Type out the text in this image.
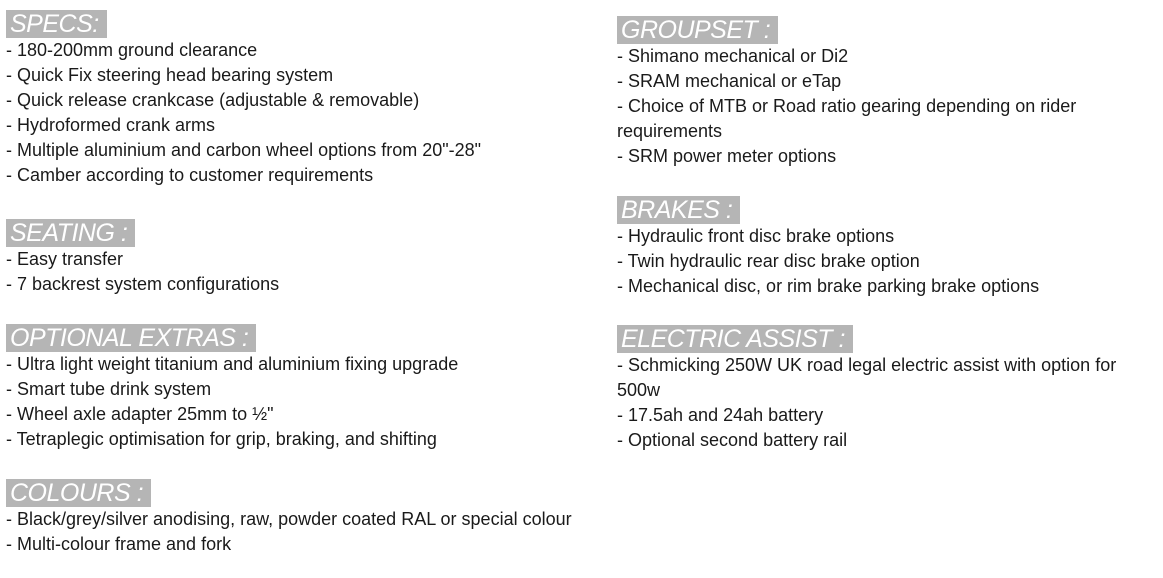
SPECS:
- 180-200mm ground clearance
- Quick Fix steering head bearing system
- Quick release crankcase (adjustable & removable)
- Hydroformed crank arms
- Multiple aluminium and carbon wheel options from 20"-28"
- Camber according to customer requirements
SEATING :
- Easy transfer
- 7 backrest system configurations
OPTIONAL EXTRAS :
- Ultra light weight titanium and aluminium fixing upgrade
- Smart tube drink system
- Wheel axle adapter 25mm to ½"
- Tetraplegic optimisation for grip, braking, and shifting
COLOURS :
- Black/grey/silver anodising, raw, powder coated RAL or special colour
- Multi-colour frame and fork
GROUPSET :
- Shimano mechanical or Di2
- SRAM mechanical or eTap
- Choice of MTB or Road ratio gearing depending on rider requirements
- SRM power meter options
BRAKES :
- Hydraulic front disc brake options
- Twin hydraulic rear disc brake option
- Mechanical disc, or rim brake parking brake options
ELECTRIC ASSIST :
- Schmicking 250W UK road legal electric assist with option for 500w
- 17.5ah and 24ah battery
- Optional second battery rail
